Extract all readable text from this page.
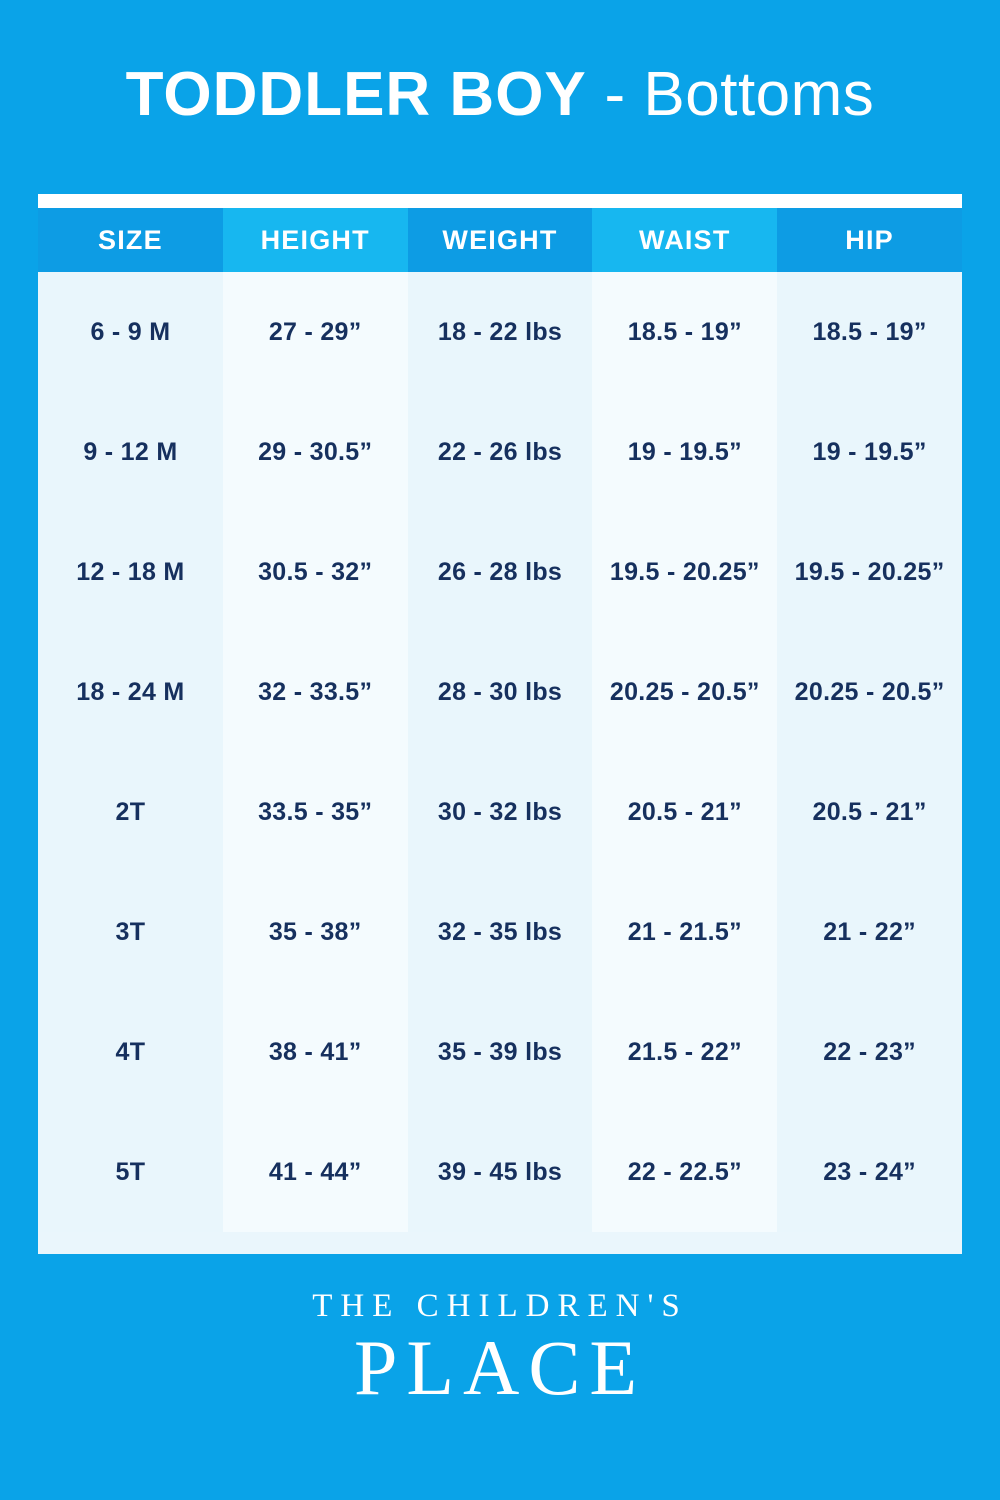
TODDLER BOY - Bottoms
SIZE	HEIGHT	WEIGHT	WAIST	HIP
6 - 9 M	27 - 29”	18 - 22 lbs	18.5 - 19”	18.5 - 19”
9 - 12 M	29 - 30.5”	22 - 26 lbs	19 - 19.5”	19 - 19.5”
12 - 18 M	30.5 - 32”	26 - 28 lbs	19.5 - 20.25”	19.5 - 20.25”
18 - 24 M	32 - 33.5”	28 - 30 lbs	20.25 - 20.5”	20.25 - 20.5”
2T	33.5 - 35”	30 - 32 lbs	20.5 - 21”	20.5 - 21”
3T	35 - 38”	32 - 35 lbs	21 - 21.5”	21 - 22”
4T	38 - 41”	35 - 39 lbs	21.5 - 22”	22 - 23”
5T	41 - 44”	39 - 45 lbs	22 - 22.5”	23 - 24”
THE CHILDREN'S
PLACE
